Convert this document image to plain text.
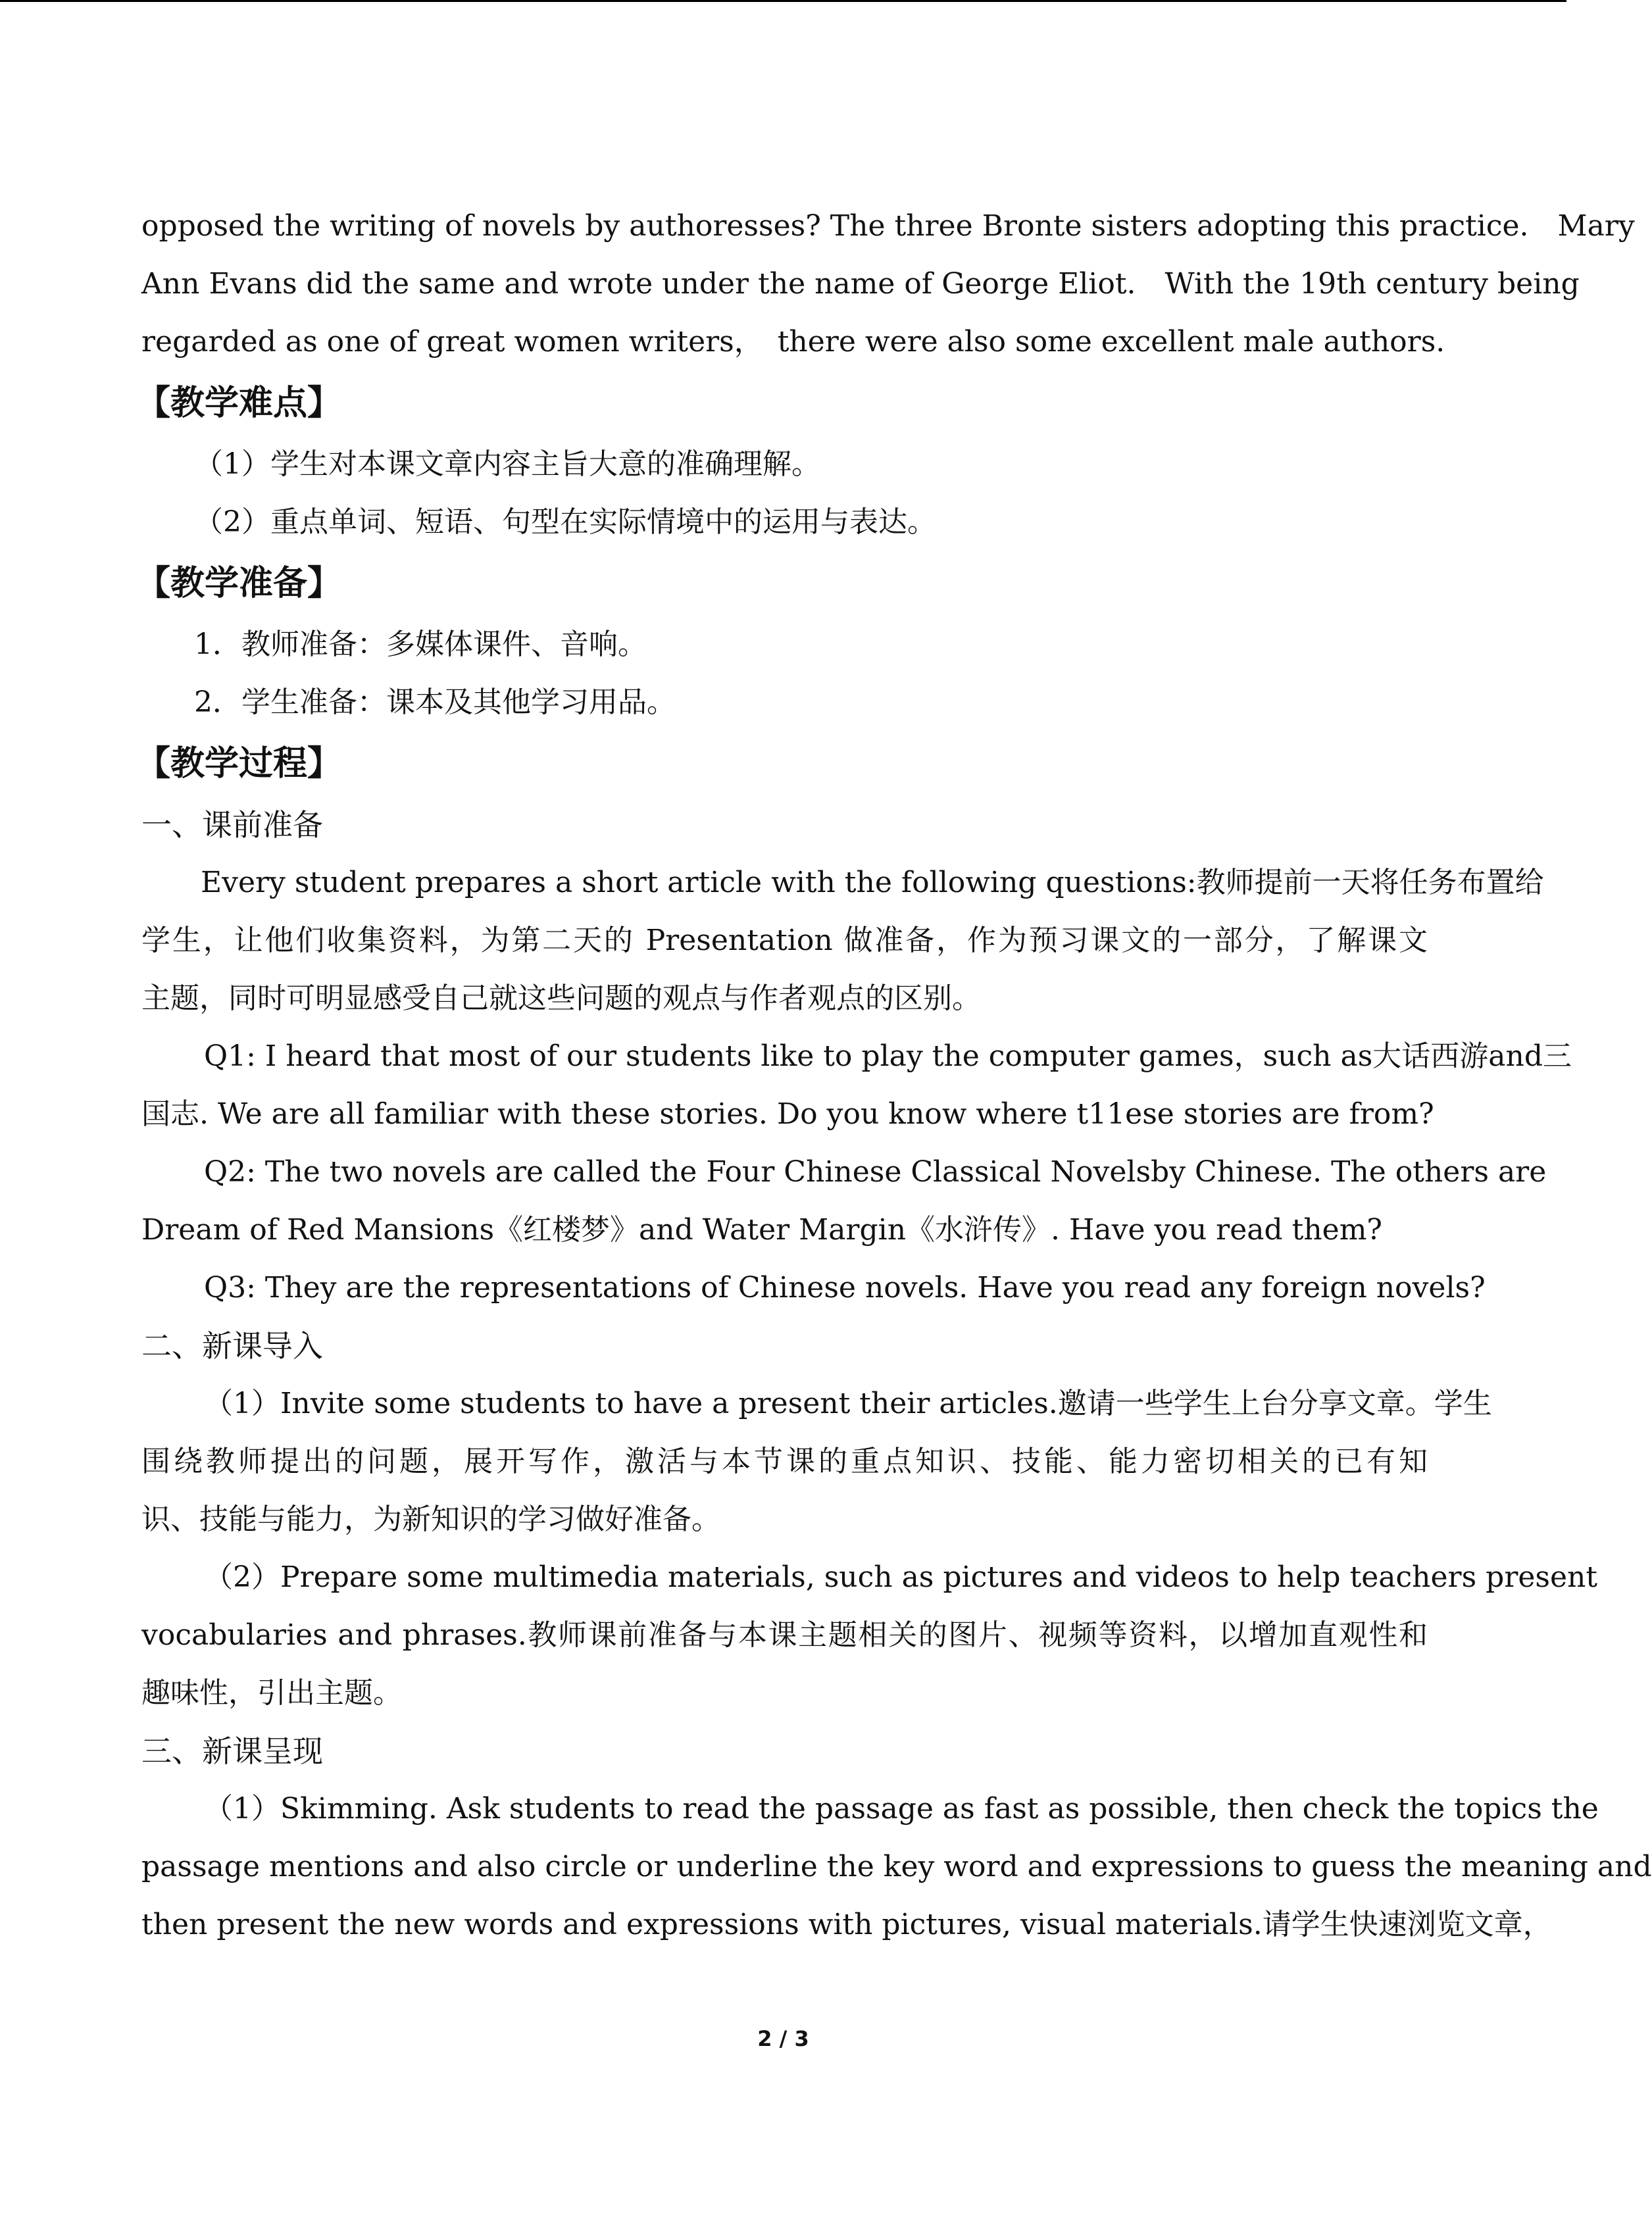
opposed the writing of novels by authoresses? The three Bronte sisters adopting this practice.　Mary

Ann Evans did the same and wrote under the name of George Eliot.　With the 19th century being

regarded as one of great women writers，　there were also some excellent male authors.

【教学难点】

（1）学生对本课文章内容主旨大意的准确理解。

（2）重点单词、短语、句型在实际情境中的运用与表达。

【教学准备】

1．教师准备：多媒体课件、音响。

2．学生准备：课本及其他学习用品。

【教学过程】

一、课前准备

Every student prepares a short article with the following questions:教师提前一天将任务布置给

学生，让他们收集资料，为第二天的 Presentation 做准备，作为预习课文的一部分，了解课文

主题，同时可明显感受自己就这些问题的观点与作者观点的区别。

Q1: I heard that most of our students like to play the computer games，such as大话西游and三

国志. We are all familiar with these stories. Do you know where t11ese stories are from?

Q2: The two novels are called the Four Chinese Classical Novelsby Chinese. The others are

Dream of Red Mansions《红楼梦》and Water Margin《水浒传》. Have you read them?

Q3: They are the representations of Chinese novels. Have you read any foreign novels?

二、新课导入

（1）Invite some students to have a present their articles.邀请一些学生上台分享文章。学生

围绕教师提出的问题，展开写作，激活与本节课的重点知识、技能、能力密切相关的已有知

识、技能与能力，为新知识的学习做好准备。

（2）Prepare some multimedia materials, such as pictures and videos to help teachers present

vocabularies and phrases.教师课前准备与本课主题相关的图片、视频等资料，以增加直观性和

趣味性，引出主题。

三、新课呈现

（1）Skimming. Ask students to read the passage as fast as possible, then check the topics the

passage mentions and also circle or underline the key word and expressions to guess the meaning and

then present the new words and expressions with pictures, visual materials.请学生快速浏览文章，

2 / 3
